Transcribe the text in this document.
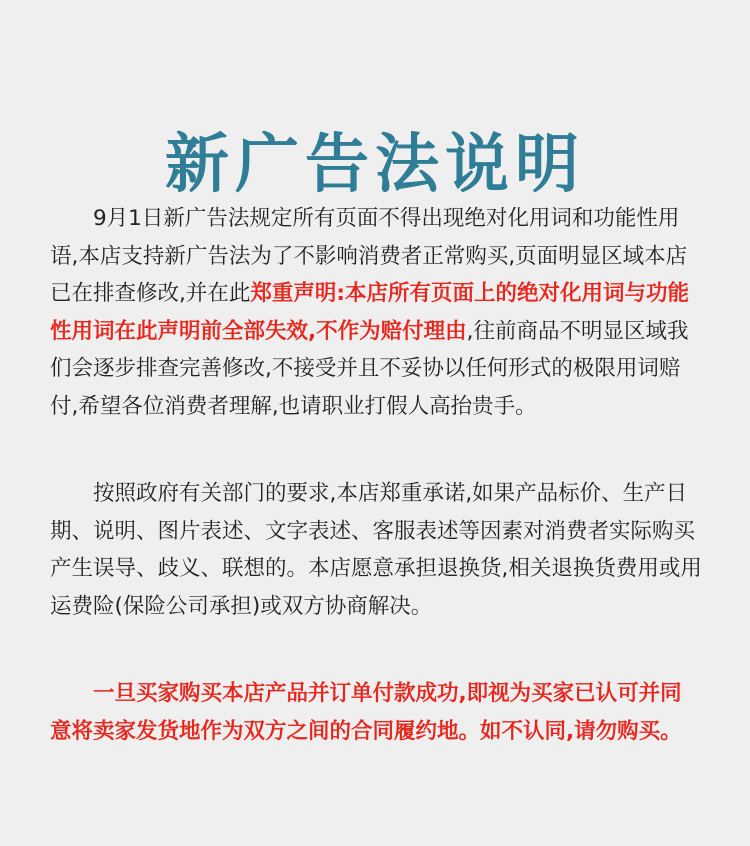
新广告法说明

9月1日新广告法规定所有页面不得出现绝对化用词和功能性用语,本店支持新广告法为了不影响消费者正常购买,页面明显区域本店已在排查修改,并在此郑重声明:本店所有页面上的绝对化用词与功能性用词在此声明前全部失效,不作为赔付理由,往前商品不明显区域我们会逐步排查完善修改,不接受并且不妥协以任何形式的极限用词赔付,希望各位消费者理解,也请职业打假人高抬贵手。

按照政府有关部门的要求,本店郑重承诺,如果产品标价、生产日期、说明、图片表述、文字表述、客服表述等因素对消费者实际购买产生误导、歧义、联想的。本店愿意承担退换货,相关退换货费用或用运费险(保险公司承担)或双方协商解决。

一旦买家购买本店产品并订单付款成功,即视为买家已认可并同意将卖家发货地作为双方之间的合同履约地。如不认同,请勿购买。
